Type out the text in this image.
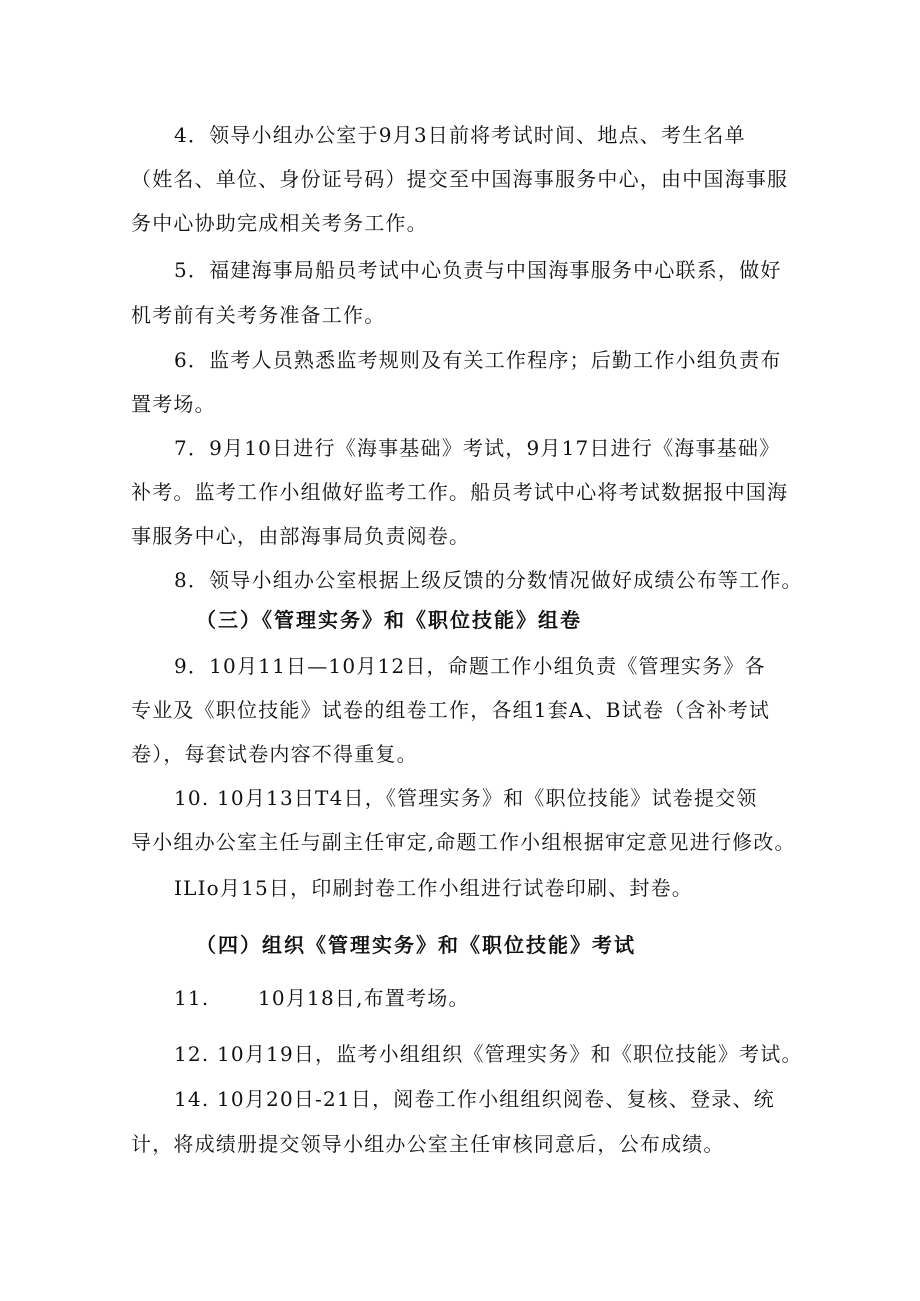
4．领导小组办公室于9月3日前将考试时间、地点、考生名单
（姓名、单位、身份证号码）提交至中国海事服务中心，由中国海事服
务中心协助完成相关考务工作。
5．福建海事局船员考试中心负责与中国海事服务中心联系，做好
机考前有关考务准备工作。
6．监考人员熟悉监考规则及有关工作程序；后勤工作小组负责布
置考场。
7．9月10日进行《海事基础》考试，9月17日进行《海事基础》
补考。监考工作小组做好监考工作。船员考试中心将考试数据报中国海
事服务中心，由部海事局负责阅卷。
8．领导小组办公室根据上级反馈的分数情况做好成绩公布等工作。
（三）《管理实务》和《职位技能》组卷
9．10月11日—10月12日，命题工作小组负责《管理实务》各
专业及《职位技能》试卷的组卷工作，各组1套A、B试卷（含补考试
卷），每套试卷内容不得重复。
10. 10月13日T4日，《管理实务》和《职位技能》试卷提交领
导小组办公室主任与副主任审定,命题工作小组根据审定意见进行修改。
ILIo月15日，印刷封卷工作小组进行试卷印刷、封卷。
（四）组织《管理实务》和《职位技能》考试
11. 10月18日,布置考场。
12. 10月19日，监考小组组织《管理实务》和《职位技能》考试。
14. 10月20日-21日，阅卷工作小组组织阅卷、复核、登录、统
计，将成绩册提交领导小组办公室主任审核同意后，公布成绩。
